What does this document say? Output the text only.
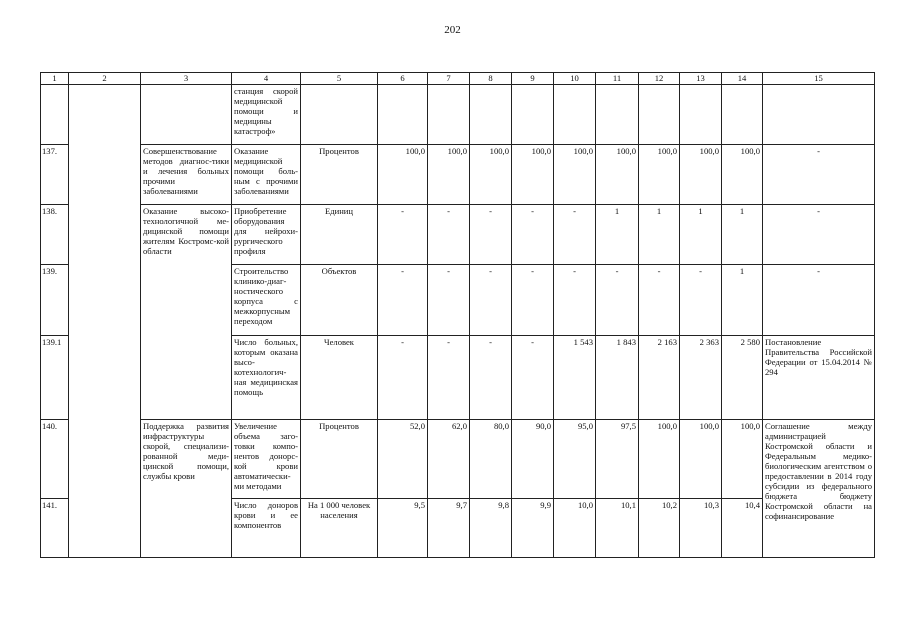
202
1	2	3	4	5	6	7	8	9	10	11	12	13	14	15
			станция скорой медицинской помощи и медицины катастроф»											
137.		Совершенствование методов диагнос-тики и лечения больных прочими заболеваниями	Оказание медицинской помощи боль-ным с прочими заболеваниями	Процентов	100,0	100,0	100,0	100,0	100,0	100,0	100,0	100,0	100,0	-
138.		Оказание высоко-технологичной ме-дицинской помощи жителям Костромс-кой области	Приобретение оборудования для нейрохи-рургического профиля	Единиц	-	-	-	-	-	1	1	1	1	-
139.			Строительство клинико-диаг-ностического корпуса с межкорпусным переходом	Объектов	-	-	-	-	-	-	-	-	1	-
139.1			Число больных, которым оказана высо-котехнологич-ная медицинская помощь	Человек	-	-	-	-	1 543	1 843	2 163	2 363	2 580	Постановление Правительства Российской Федерации от 15.04.2014 № 294
140.		Поддержка развития инфраструктуры скорой, специализи-рованной меди-цинской помощи, службы крови	Увеличение объема заго-товки компо-нентов донорс-кой крови автоматически-ми методами	Процентов	52,0	62,0	80,0	90,0	95,0	97,5	100,0	100,0	100,0	Соглашение между администрацией Костромской области и Федеральным медико-биологическим агентством о предоставлении в 2014 году субсидии из федерального бюджета бюджету Костромской области на софинансирование
141.			Число доноров крови и ее компонентов	На 1 000 человек населения	9,5	9,7	9,8	9,9	10,0	10,1	10,2	10,3	10,4	
